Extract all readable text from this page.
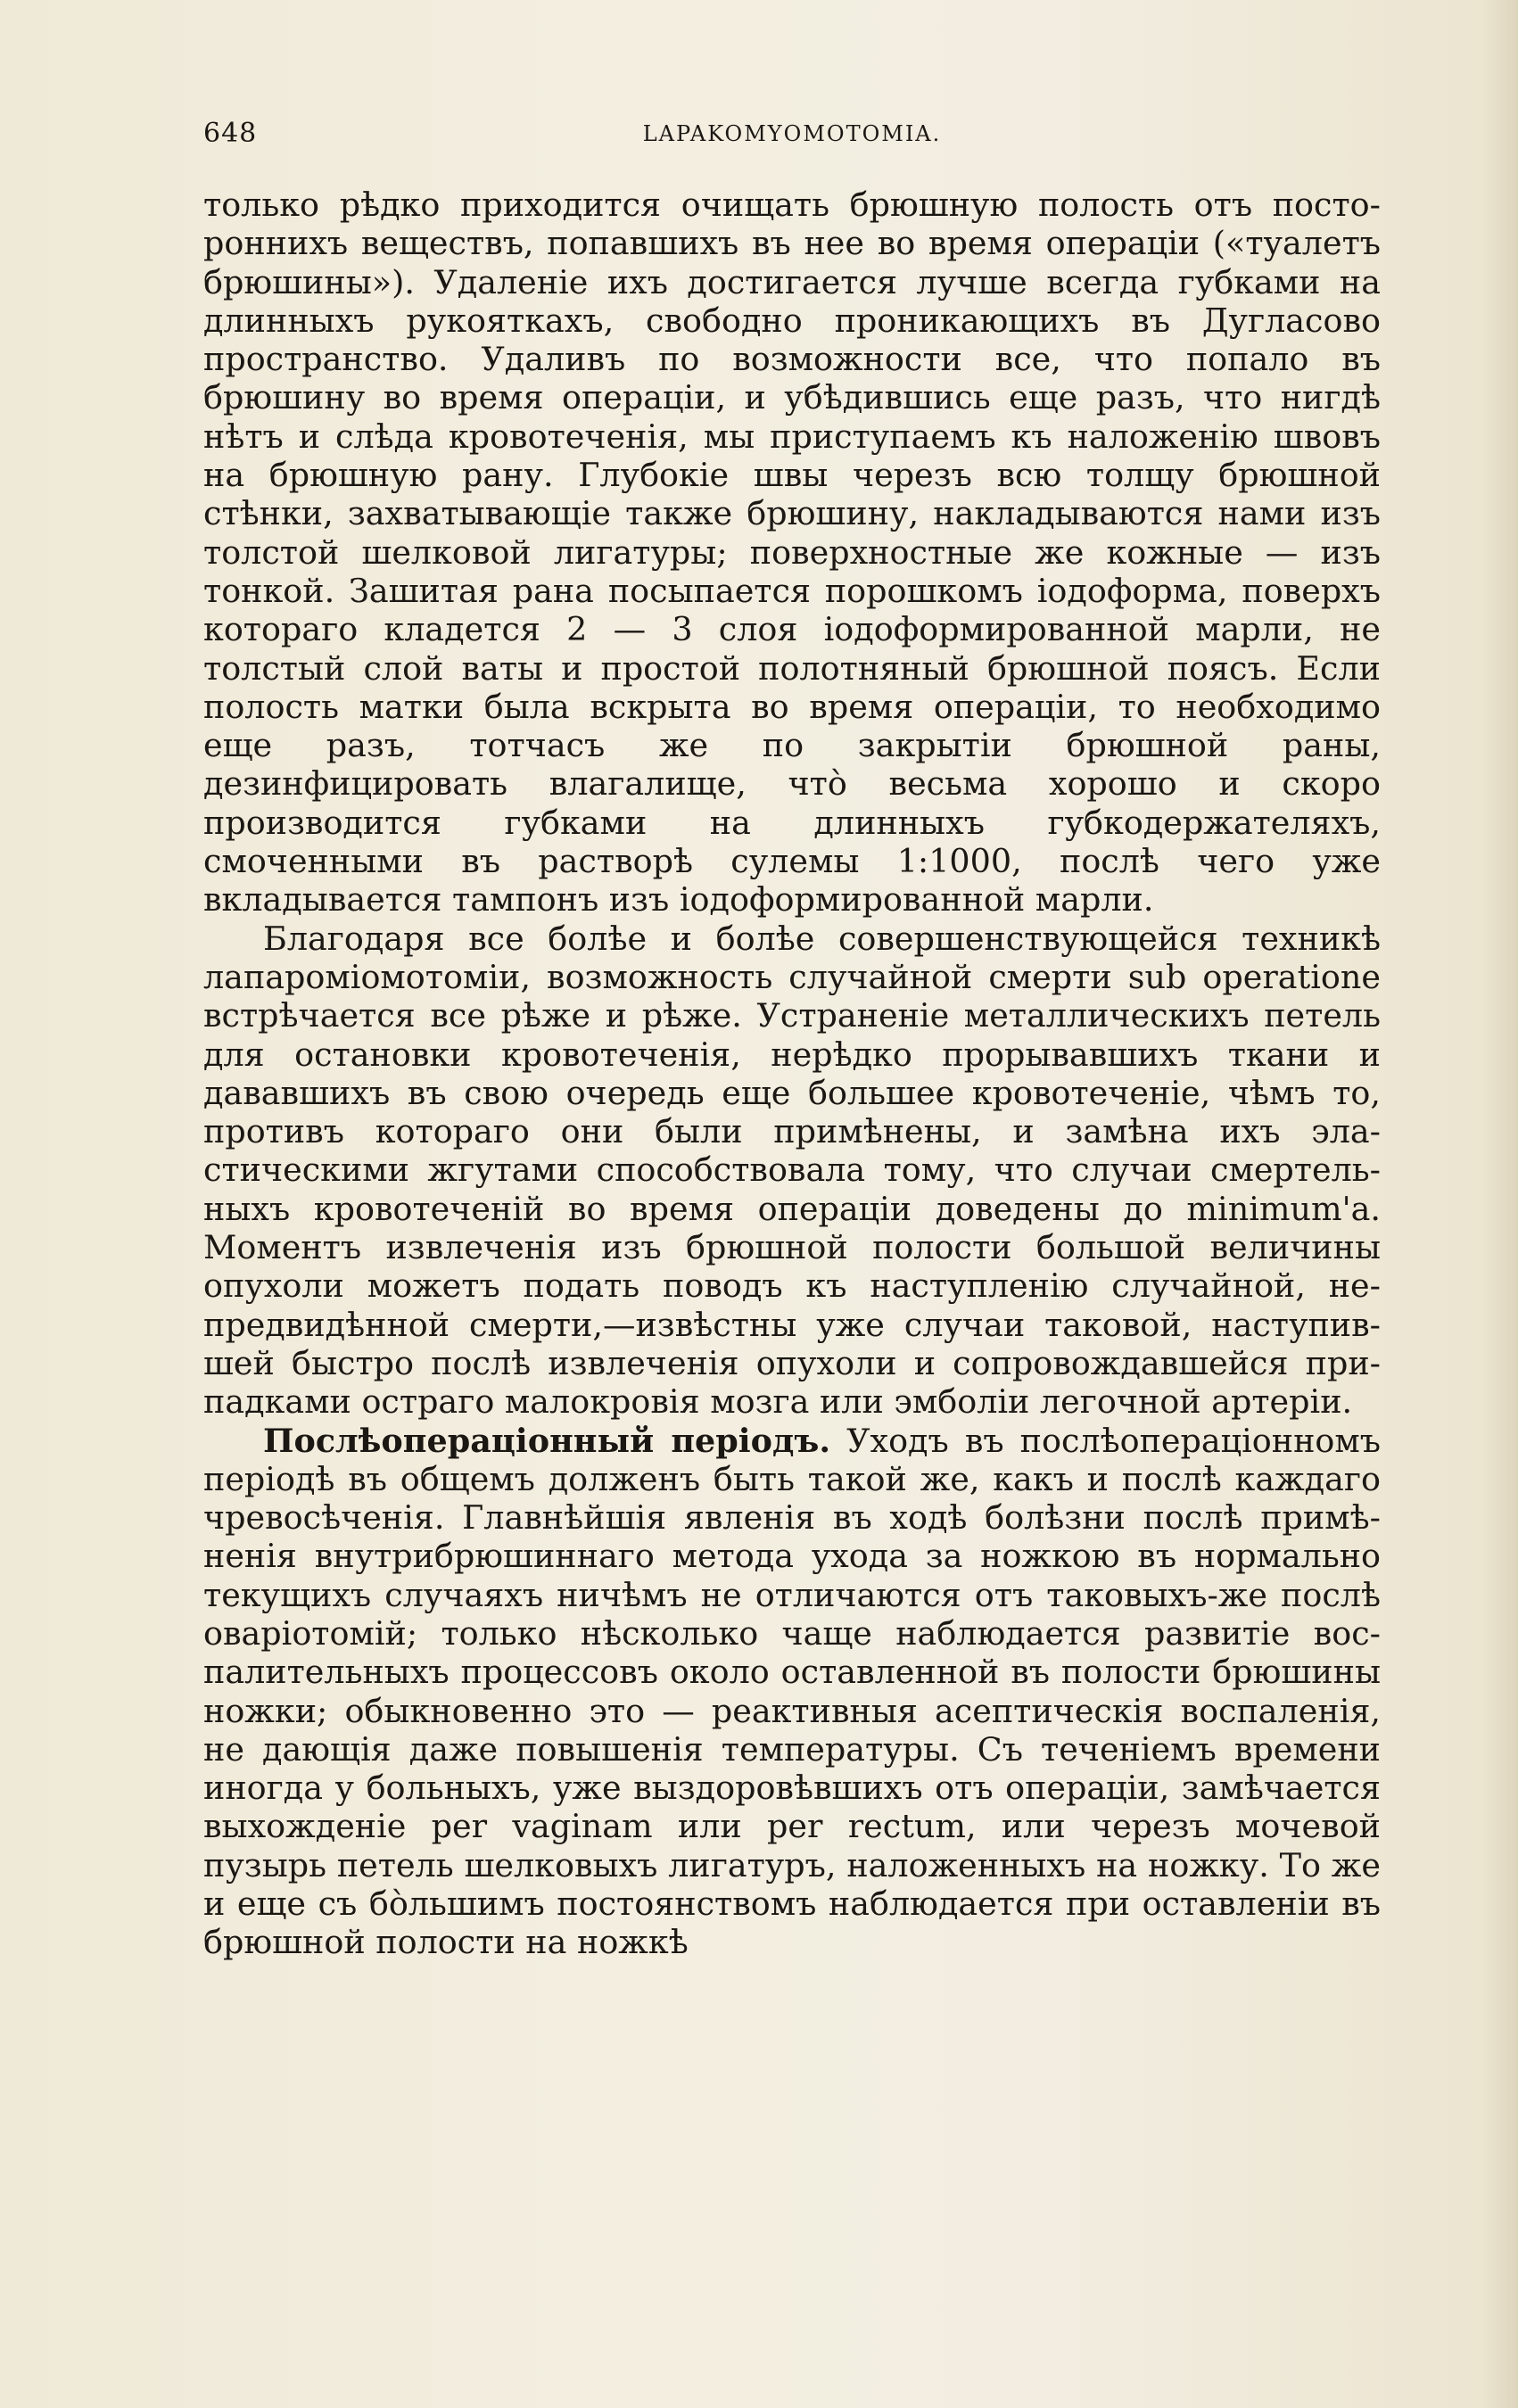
648	LAPAKOMYOMOTOMIA.

только рѣдко приходится очищать брюшную полость отъ постороннихъ веществъ, попавшихъ въ нее во время операціи («туалетъ брюшины»). Удаленіе ихъ достигается лучше всегда губками на длинныхъ рукояткахъ, свободно проникающихъ въ Дугласово пространство. Удаливъ по возможности все, что попало въ брюшину во время операціи, и убѣдившись еще разъ, что нигдѣ нѣтъ и слѣда кровотеченія, мы приступаемъ къ наложенію швовъ на брюшную рану. Глубокіе швы черезъ всю толщу брюшной стѣнки, захватывающіе также брюшину, накладываются нами изъ толстой шелковой лигатуры; поверхностные же кожные — изъ тонкой. Зашитая рана посыпается порошкомъ іодоформа, поверхъ котораго кладется 2 — 3 слоя іодоформированной марли, не толстый слой ваты и простой полотняный брюшной поясъ. Если полость матки была вскрыта во время операціи, то необходимо еще разъ, тотчасъ же по закрытіи брюшной раны, дезинфицировать влагалище, что̀ весьма хорошо и скоро производится губками на длинныхъ губкодержателяхъ, смоченными въ растворѣ сулемы 1:1000, послѣ чего уже вкладывается тампонъ изъ іодоформированной марли.

Благодаря все болѣе и болѣе совершенствующейся техникѣ лапароміомотоміи, возможность случайной смерти sub operatione встрѣчается все рѣже и рѣже. Устраненіе металлическихъ петель для остановки кровотеченія, нерѣдко прорывавшихъ ткани и дававшихъ въ свою очередь еще большее кровотеченіе, чѣмъ то, противъ котораго они были примѣнены, и замѣна ихъ эластическими жгутами способствовала тому, что случаи смертельныхъ кровотеченій во время операціи доведены до minimum'a. Моментъ извлеченія изъ брюшной полости большой величины опухоли можетъ подать поводъ къ наступленію случайной, непредвидѣнной смерти,—извѣстны уже случаи таковой, наступившей быстро послѣ извлеченія опухоли и сопровождавшейся припадками остраго малокровія мозга или эмболіи легочной артеріи.

Послѣопераціонный періодъ. Уходъ въ послѣопераціонномъ періодѣ въ общемъ долженъ быть такой же, какъ и послѣ каждаго чревосѣченія. Главнѣйшія явленія въ ходѣ болѣзни послѣ примѣненія внутрибрюшиннаго метода ухода за ножкою въ нормально текущихъ случаяхъ ничѣмъ не отличаются отъ таковыхъ-же послѣ оваріотомій; только нѣсколько чаще наблюдается развитіе воспалительныхъ процессовъ около оставленной въ полости брюшины ножки; обыкновенно это — реактивныя асептическія воспаленія, не дающія даже повышенія температуры. Съ теченіемъ времени иногда у больныхъ, уже выздоровѣвшихъ отъ операціи, замѣчается выхожденіе per vaginam или per rectum, или черезъ мочевой пузырь петель шелковыхъ лигатуръ, наложенныхъ на ножку. То же и еще съ бо̀льшимъ постоянствомъ наблюдается при оставленіи въ брюшной полости на ножкѣ
